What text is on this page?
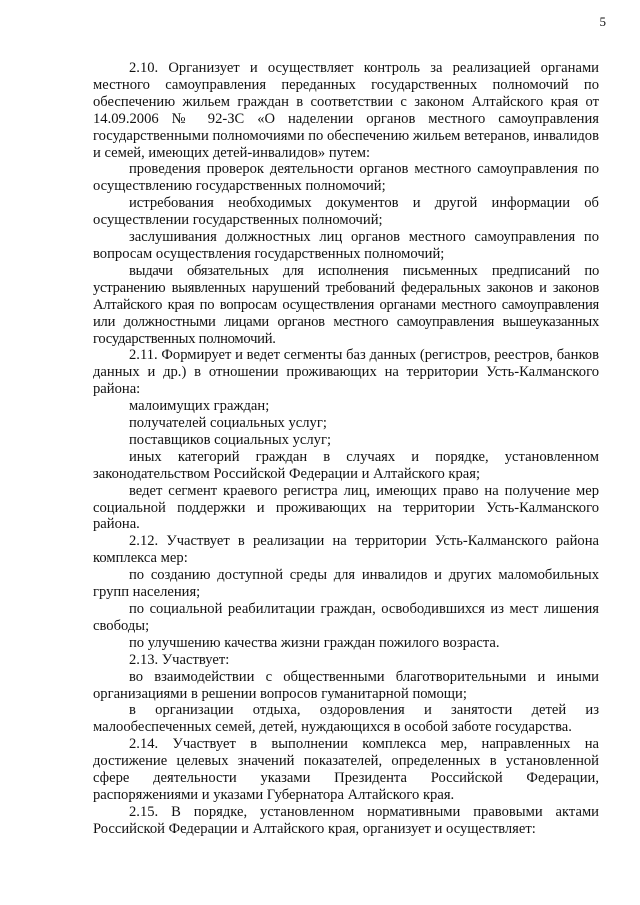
5

2.10. Организует и осуществляет контроль за реализацией органами местного самоуправления переданных государственных полномочий по обеспечению жильем граждан в соответствии с законом Алтайского края от 14.09.2006 № 92-ЗС «О наделении органов местного самоуправления государственными полномочиями по обеспечению жильем ветеранов, инвалидов и семей, имеющих детей-инвалидов» путем:

проведения проверок деятельности органов местного самоуправления по осуществлению государственных полномочий;

истребования необходимых документов и другой информации об осуществлении государственных полномочий;

заслушивания должностных лиц органов местного самоуправления по вопросам осуществления государственных полномочий;

выдачи обязательных для исполнения письменных предписаний по устранению выявленных нарушений требований федеральных законов и законов Алтайского края по вопросам осуществления органами местного самоуправления или должностными лицами органов местного самоуправления вышеуказанных государственных полномочий.

2.11. Формирует и ведет сегменты баз данных (регистров, реестров, банков данных и др.) в отношении проживающих на территории Усть-Калманского района:

малоимущих граждан;

получателей социальных услуг;

поставщиков социальных услуг;

иных категорий граждан в случаях и порядке, установленном законодательством Российской Федерации и Алтайского края;

ведет сегмент краевого регистра лиц, имеющих право на получение мер социальной поддержки и проживающих на территории Усть-Калманского района.

2.12. Участвует в реализации на территории Усть-Калманского района комплекса мер:

по созданию доступной среды для инвалидов и других маломобильных групп населения;

по социальной реабилитации граждан, освободившихся из мест лишения свободы;

по улучшению качества жизни граждан пожилого возраста.

2.13. Участвует:

во взаимодействии с общественными благотворительными и иными организациями в решении вопросов гуманитарной помощи;

в организации отдыха, оздоровления и занятости детей из малообеспеченных семей, детей, нуждающихся в особой заботе государства.

2.14. Участвует в выполнении комплекса мер, направленных на достижение целевых значений показателей, определенных в установленной сфере деятельности указами Президента Российской Федерации, распоряжениями и указами Губернатора Алтайского края.

2.15. В порядке, установленном нормативными правовыми актами Российской Федерации и Алтайского края, организует и осуществляет:
